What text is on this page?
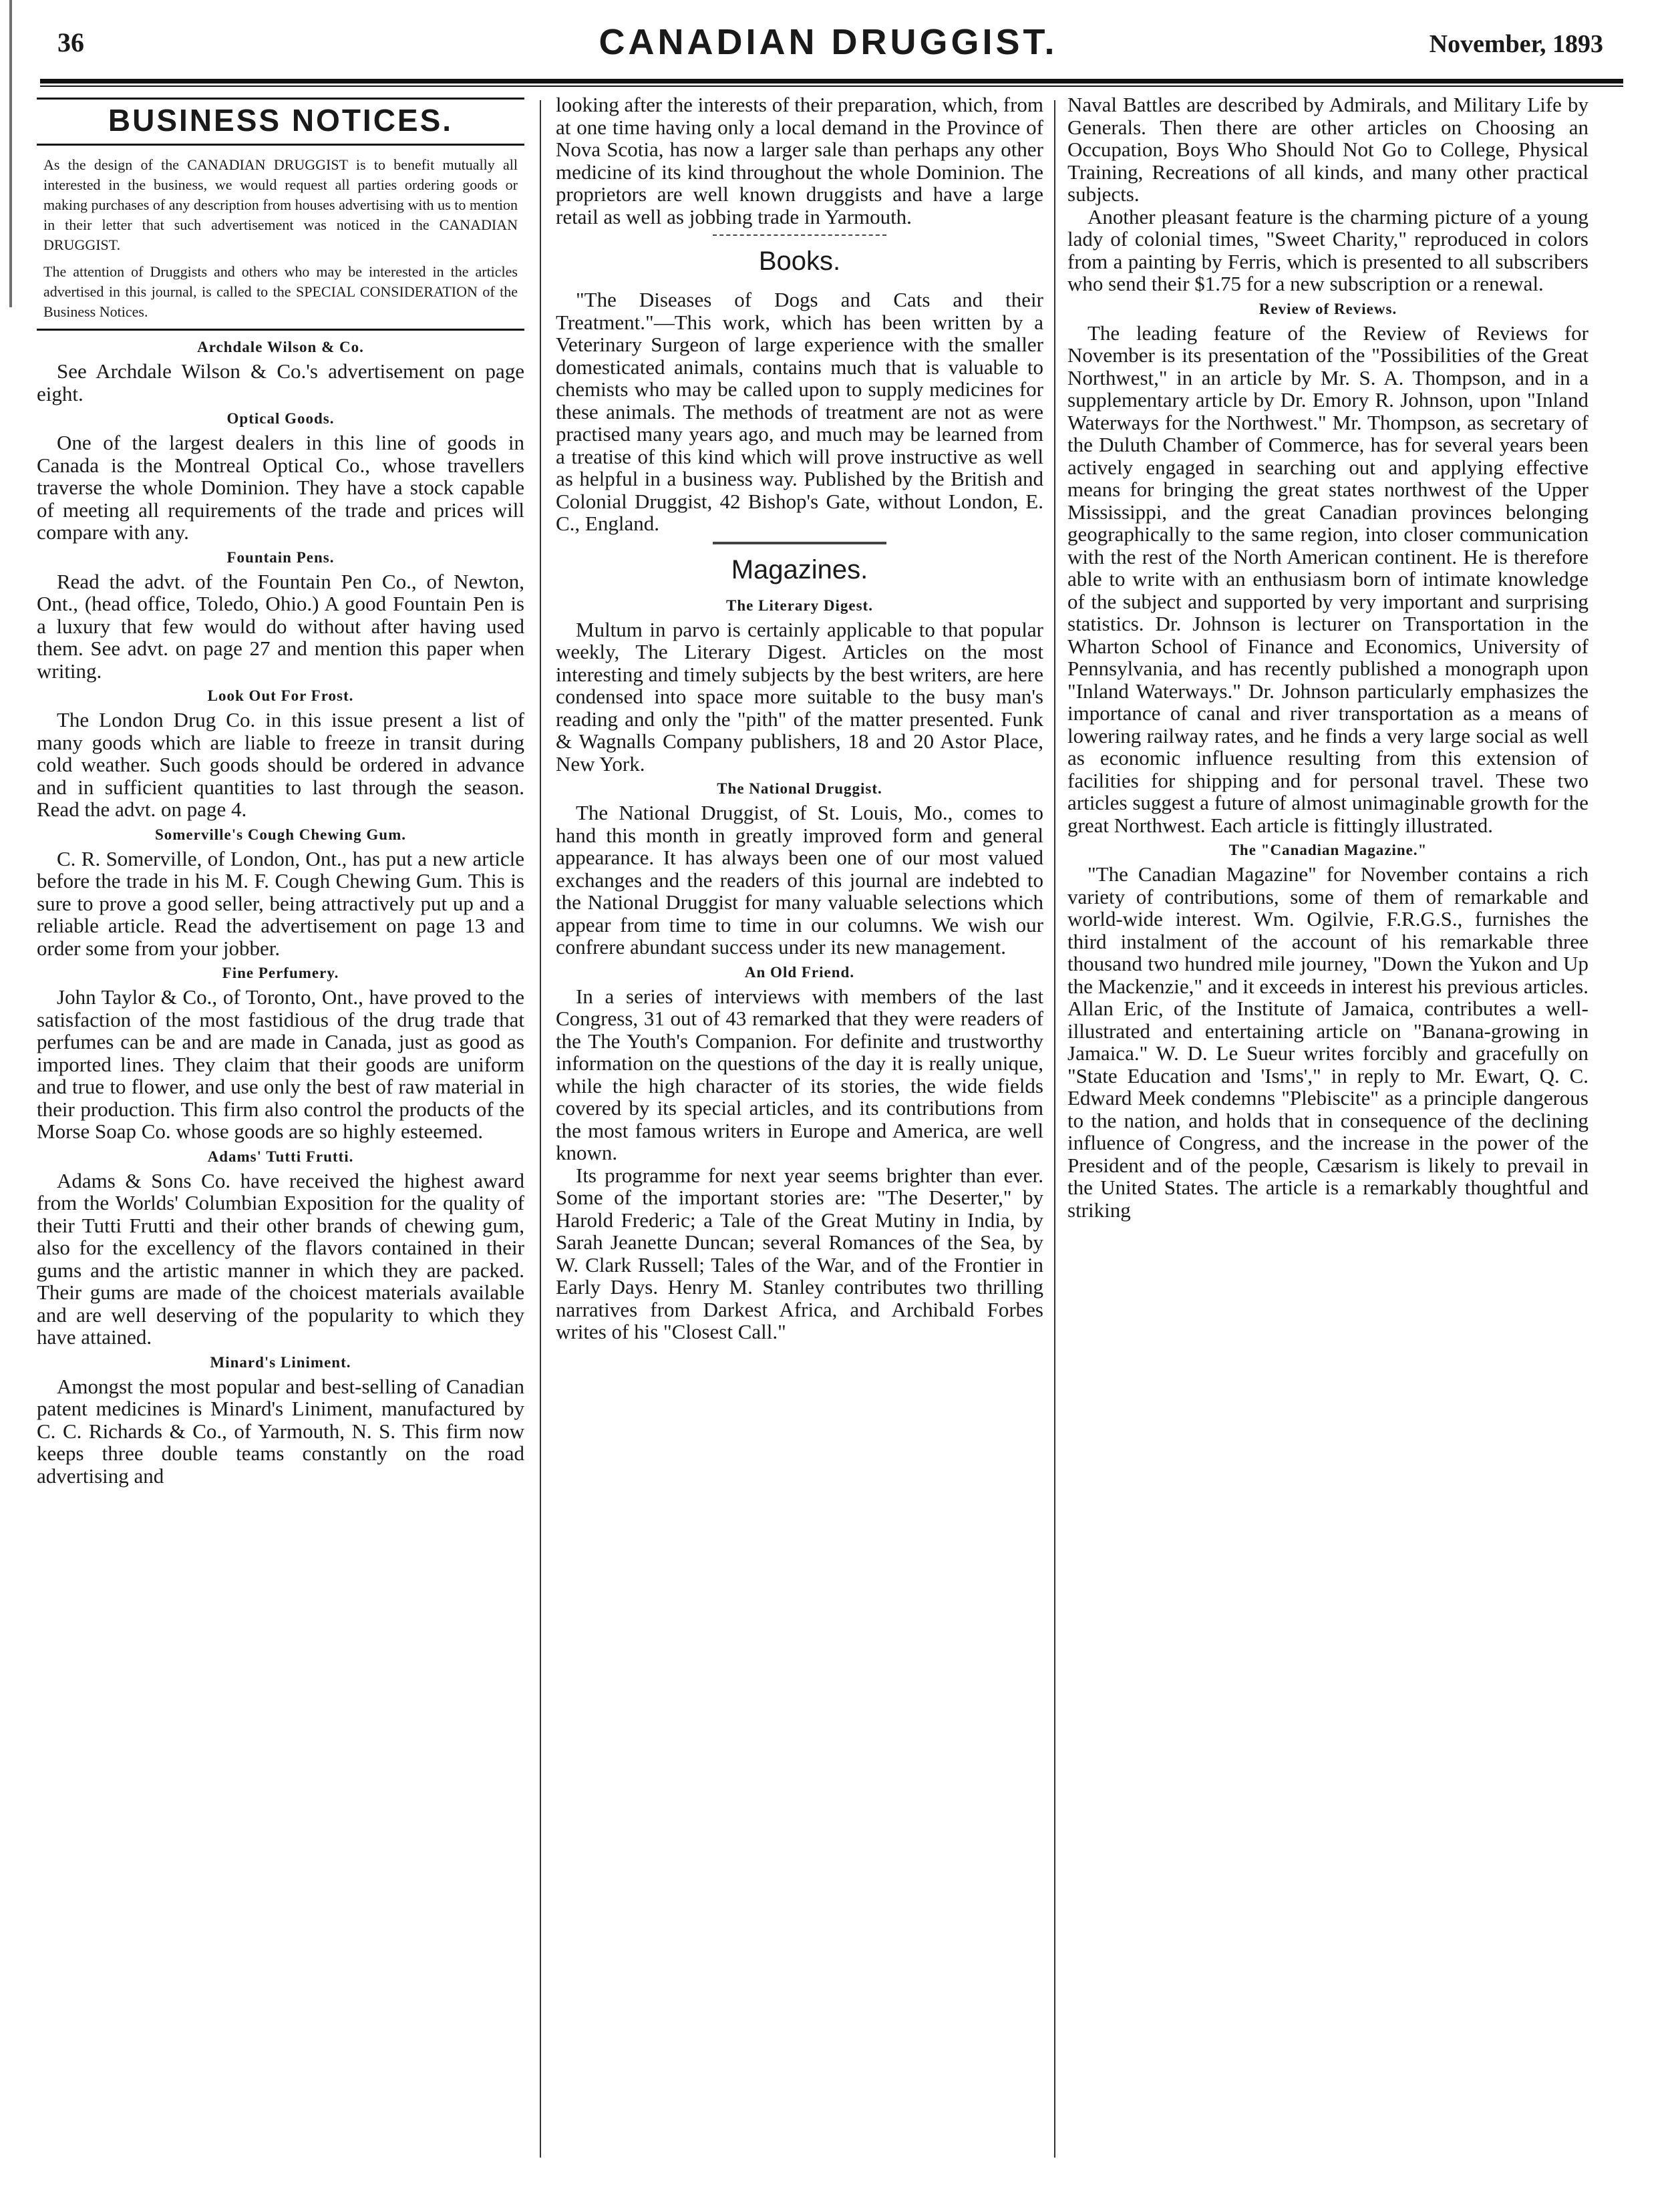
36	CANADIAN DRUGGIST.	November, 1893
BUSINESS NOTICES.

As the design of the CANADIAN DRUGGIST is to benefit mutually all interested in the business, we would request all parties ordering goods or making purchases of any description from houses advertising with us to mention in their letter that such advertisement was noticed in the CANADIAN DRUGGIST.

The attention of Druggists and others who may be interested in the articles advertised in this journal, is called to the SPECIAL CONSIDERATION of the Business Notices.

Archdale Wilson & Co.

See Archdale Wilson & Co.'s advertisement on page eight.

Optical Goods.

One of the largest dealers in this line of goods in Canada is the Montreal Optical Co., whose travellers traverse the whole Dominion. They have a stock capable of meeting all requirements of the trade and prices will compare with any.

Fountain Pens.

Read the advt. of the Fountain Pen Co., of Newton, Ont., (head office, Toledo, Ohio.) A good Fountain Pen is a luxury that few would do without after having used them. See advt. on page 27 and mention this paper when writing.

Look Out For Frost.

The London Drug Co. in this issue present a list of many goods which are liable to freeze in transit during cold weather. Such goods should be ordered in advance and in sufficient quantities to last through the season. Read the advt. on page 4.

Somerville's Cough Chewing Gum.

C. R. Somerville, of London, Ont., has put a new article before the trade in his M. F. Cough Chewing Gum. This is sure to prove a good seller, being attractively put up and a reliable article. Read the advertisement on page 13 and order some from your jobber.

Fine Perfumery.

John Taylor & Co., of Toronto, Ont., have proved to the satisfaction of the most fastidious of the drug trade that perfumes can be and are made in Canada, just as good as imported lines. They claim that their goods are uniform and true to flower, and use only the best of raw material in their production. This firm also control the products of the Morse Soap Co. whose goods are so highly esteemed.

Adams' Tutti Frutti.

Adams & Sons Co. have received the highest award from the Worlds' Columbian Exposition for the quality of their Tutti Frutti and their other brands of chewing gum, also for the excellency of the flavors contained in their gums and the artistic manner in which they are packed. Their gums are made of the choicest materials available and are well deserving of the popularity to which they have attained.

Minard's Liniment.

Amongst the most popular and best-selling of Canadian patent medicines is Minard's Liniment, manufactured by C. C. Richards & Co., of Yarmouth, N. S. This firm now keeps three double teams constantly on the road advertising and

looking after the interests of their preparation, which, from at one time having only a local demand in the Province of Nova Scotia, has now a larger sale than perhaps any other medicine of its kind throughout the whole Dominion. The proprietors are well known druggists and have a large retail as well as jobbing trade in Yarmouth.

Books.

"The Diseases of Dogs and Cats and their Treatment."—This work, which has been written by a Veterinary Surgeon of large experience with the smaller domesticated animals, contains much that is valuable to chemists who may be called upon to supply medicines for these animals. The methods of treatment are not as were practised many years ago, and much may be learned from a treatise of this kind which will prove instructive as well as helpful in a business way. Published by the British and Colonial Druggist, 42 Bishop's Gate, without London, E. C., England.

Magazines.
The Literary Digest.

Multum in parvo is certainly applicable to that popular weekly, The Literary Digest. Articles on the most interesting and timely subjects by the best writers, are here condensed into space more suitable to the busy man's reading and only the "pith" of the matter presented. Funk & Wagnalls Company publishers, 18 and 20 Astor Place, New York.

The National Druggist.

The National Druggist, of St. Louis, Mo., comes to hand this month in greatly improved form and general appearance. It has always been one of our most valued exchanges and the readers of this journal are indebted to the National Druggist for many valuable selections which appear from time to time in our columns. We wish our confrere abundant success under its new management.

An Old Friend.

In a series of interviews with members of the last Congress, 31 out of 43 remarked that they were readers of the The Youth's Companion. For definite and trustworthy information on the questions of the day it is really unique, while the high character of its stories, the wide fields covered by its special articles, and its contributions from the most famous writers in Europe and America, are well known.

Its programme for next year seems brighter than ever. Some of the important stories are: "The Deserter," by Harold Frederic; a Tale of the Great Mutiny in India, by Sarah Jeanette Duncan; several Romances of the Sea, by W. Clark Russell; Tales of the War, and of the Frontier in Early Days. Henry M. Stanley contributes two thrilling narratives from Darkest Africa, and Archibald Forbes writes of his "Closest Call."

Naval Battles are described by Admirals, and Military Life by Generals. Then there are other articles on Choosing an Occupation, Boys Who Should Not Go to College, Physical Training, Recreations of all kinds, and many other practical subjects.

Another pleasant feature is the charming picture of a young lady of colonial times, "Sweet Charity," reproduced in colors from a painting by Ferris, which is presented to all subscribers who send their $1.75 for a new subscription or a renewal.

Review of Reviews.

The leading feature of the Review of Reviews for November is its presentation of the "Possibilities of the Great Northwest," in an article by Mr. S. A. Thompson, and in a supplementary article by Dr. Emory R. Johnson, upon "Inland Waterways for the Northwest." Mr. Thompson, as secretary of the Duluth Chamber of Commerce, has for several years been actively engaged in searching out and applying effective means for bringing the great states northwest of the Upper Mississippi, and the great Canadian provinces belonging geographically to the same region, into closer communication with the rest of the North American continent. He is therefore able to write with an enthusiasm born of intimate knowledge of the subject and supported by very important and surprising statistics. Dr. Johnson is lecturer on Transportation in the Wharton School of Finance and Economics, University of Pennsylvania, and has recently published a monograph upon "Inland Waterways." Dr. Johnson particularly emphasizes the importance of canal and river transportation as a means of lowering railway rates, and he finds a very large social as well as economic influence resulting from this extension of facilities for shipping and for personal travel. These two articles suggest a future of almost unimaginable growth for the great Northwest. Each article is fittingly illustrated.

The "Canadian Magazine."

"The Canadian Magazine" for November contains a rich variety of contributions, some of them of remarkable and world-wide interest. Wm. Ogilvie, F.R.G.S., furnishes the third instalment of the account of his remarkable three thousand two hundred mile journey, "Down the Yukon and Up the Mackenzie," and it exceeds in interest his previous articles. Allan Eric, of the Institute of Jamaica, contributes a well-illustrated and entertaining article on "Banana-growing in Jamaica." W. D. Le Sueur writes forcibly and gracefully on "State Education and 'Isms'," in reply to Mr. Ewart, Q. C. Edward Meek condemns "Plebiscite" as a principle dangerous to the nation, and holds that in consequence of the declining influence of Congress, and the increase in the power of the President and of the people, Cæsarism is likely to prevail in the United States. The article is a remarkably thoughtful and striking
